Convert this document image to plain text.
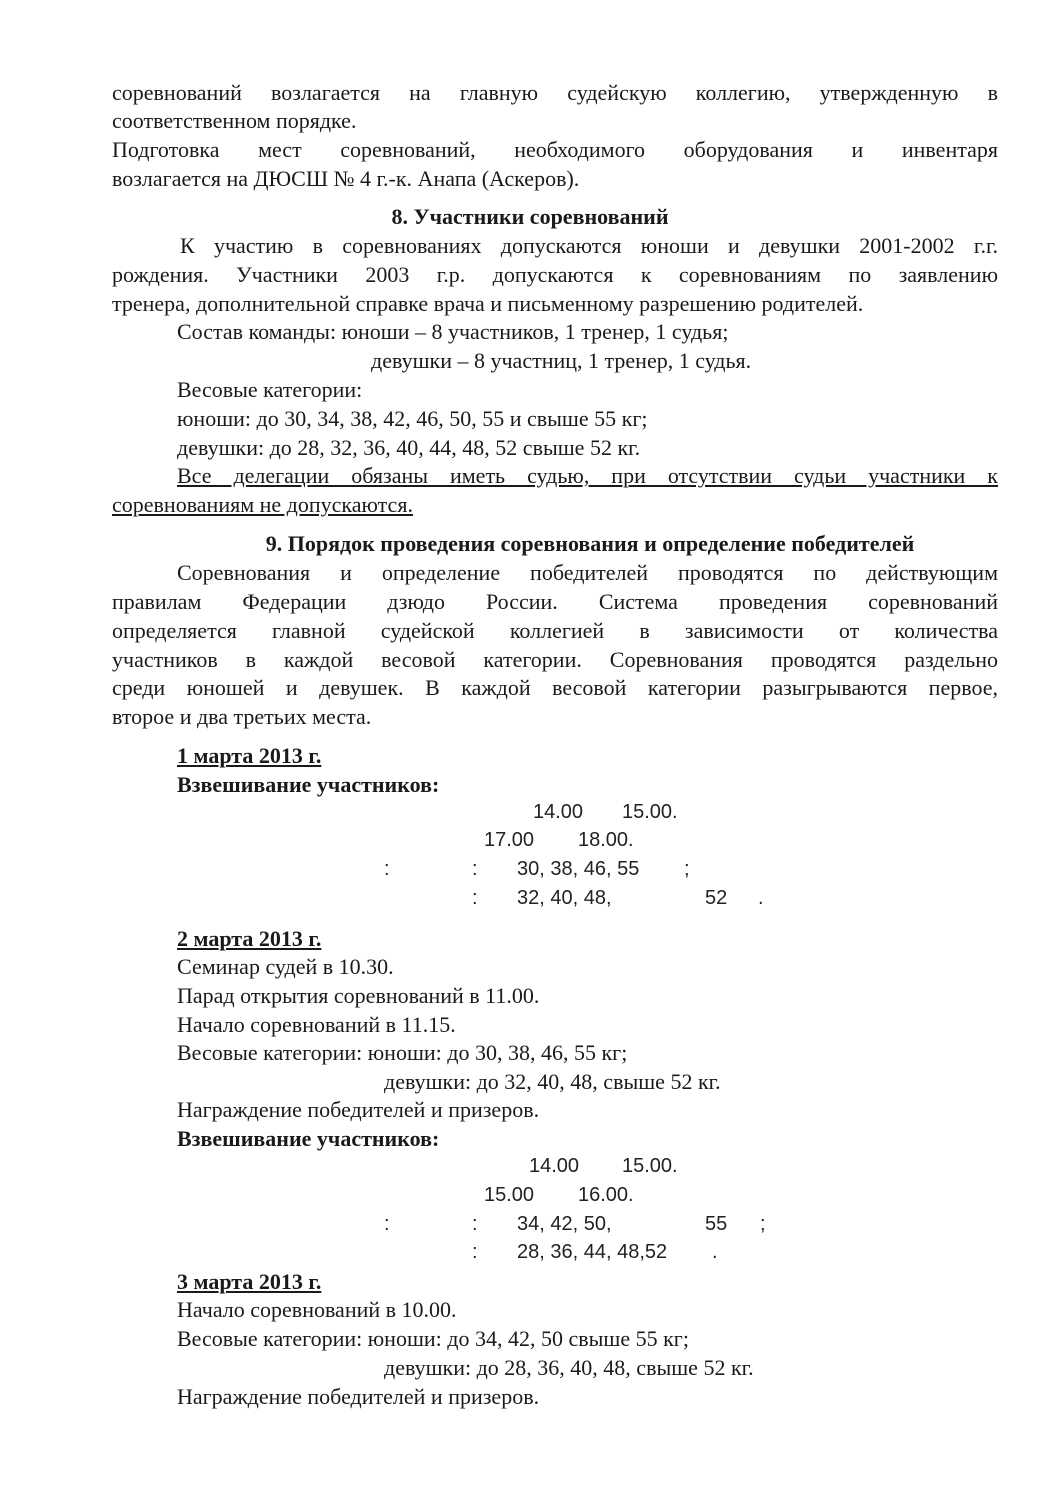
соревнований возлагается на главную судейскую коллегию, утвержденную в
соответственном порядке.
Подготовка мест соревнований, необходимого оборудования и инвентаря
возлагается на ДЮСШ № 4 г.-к. Анапа (Аскеров).
8. Участники соревнований
К участию в соревнованиях допускаются юноши и девушки 2001-2002 г.г.
рождения. Участники 2003 г.р. допускаются к соревнованиям по заявлению
тренера, дополнительной справке врача и письменному разрешению родителей.
Состав команды: юноши – 8 участников, 1 тренер, 1 судья;
девушки – 8 участниц, 1 тренер, 1 судья.
Весовые категории:
юноши: до 30, 34, 38, 42, 46, 50, 55 и свыше 55 кг;
девушки: до 28, 32, 36, 40, 44, 48, 52 свыше 52 кг.
Все делегации обязаны иметь судью, при отсутствии судьи участники к
соревнованиям не допускаются.
9. Порядок проведения соревнования и определение победителей
Соревнования и определение победителей проводятся по действующим
правилам Федерации дзюдо России. Система проведения соревнований
определяется главной судейской коллегией в зависимости от количества
участников в каждой весовой категории. Соревнования проводятся раздельно
среди юношей и девушек. В каждой весовой категории разыгрываются первое,
второе и два третьих места.
1 марта 2013 г.
Взвешивание участников:
14.00 15.00.
17.00 18.00.
:	: 30, 38, 46, 55 ;
: 32, 40, 48,	52 .
2 марта 2013 г.
Семинар судей в 10.30.
Парад открытия соревнований в 11.00.
Начало соревнований в 11.15.
Весовые категории: юноши: до 30, 38, 46, 55 кг;
девушки: до 32, 40, 48, свыше 52 кг.
Награждение победителей и призеров.
Взвешивание участников:
14.00 15.00.
15.00 16.00.
:	: 34, 42, 50,	55 ;
: 28, 36, 44, 48,52 .
3 марта 2013 г.
Начало соревнований в 10.00.
Весовые категории: юноши: до 34, 42, 50 свыше 55 кг;
девушки: до 28, 36, 40, 48, свыше 52 кг.
Награждение победителей и призеров.
